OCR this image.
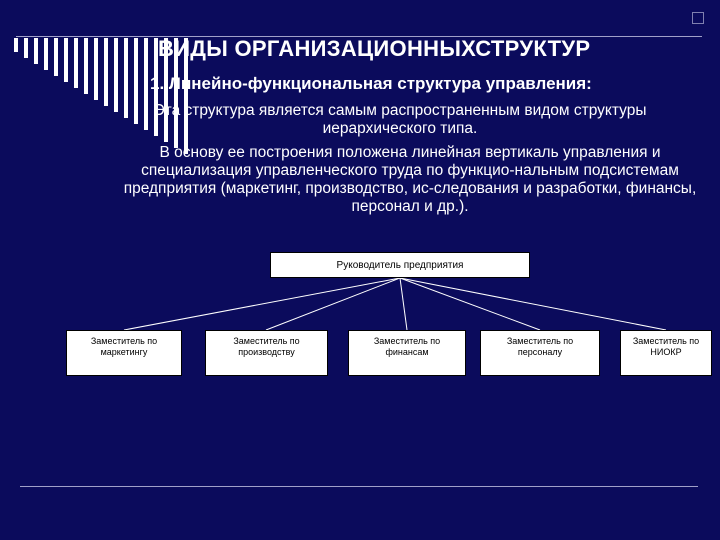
ВИДЫ ОРГАНИЗАЦИОННЫХСТРУКТУР
1. Линейно-функциональная структура управления:
Эта структура является самым распространенным видом структуры иерархического типа.
В основу ее построения положена линейная вертикаль управления и специализация управленческого труда по функцио-нальным подсистемам предприятия (маркетинг, производство, ис-следования и разработки, финансы, персонал и др.).
Руководитель предприятия
Заместитель по
маркетингу
Заместитель по
производству
Заместитель по
финансам
Заместитель по
персоналу
Заместитель по
НИОКР
